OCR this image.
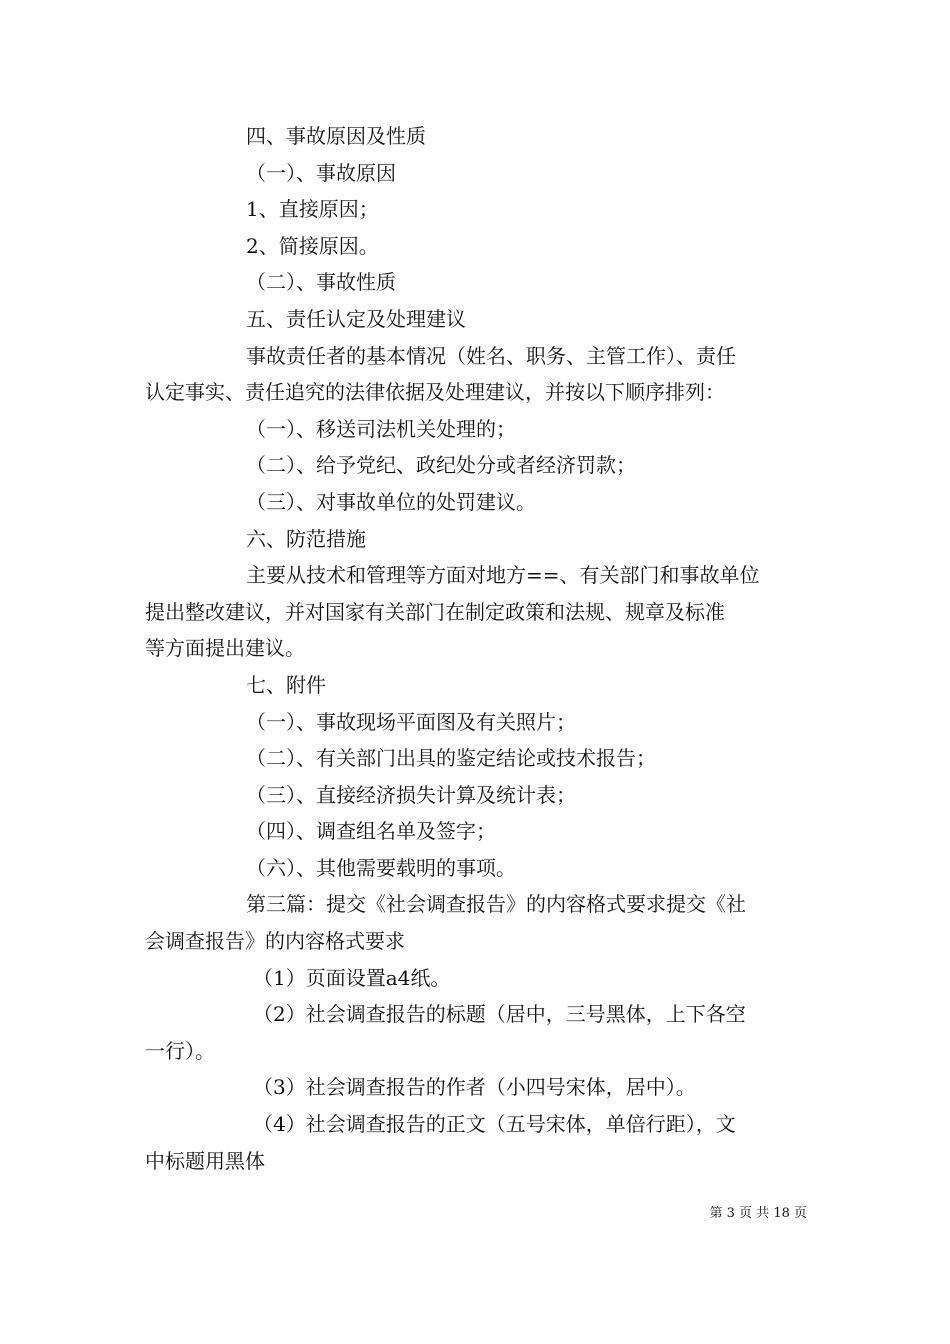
四、事故原因及性质
（一）、事故原因
1、直接原因；
2、简接原因。
（二）、事故性质
五、责任认定及处理建议
事故责任者的基本情况（姓名、职务、主管工作）、责任
认定事实、责任追究的法律依据及处理建议，并按以下顺序排列：
（一）、移送司法机关处理的；
（二）、给予党纪、政纪处分或者经济罚款；
（三）、对事故单位的处罚建议。
六、防范措施
主要从技术和管理等方面对地方==、有关部门和事故单位
提出整改建议，并对国家有关部门在制定政策和法规、规章及标准
等方面提出建议。
七、附件
（一）、事故现场平面图及有关照片；
（二）、有关部门出具的鉴定结论或技术报告；
（三）、直接经济损失计算及统计表；
（四）、调查组名单及签字；
（六）、其他需要载明的事项。
第三篇：提交《社会调查报告》的内容格式要求提交《社
会调查报告》的内容格式要求
（1）页面设置a4纸。
（2）社会调查报告的标题（居中，三号黑体，上下各空
一行）。
（3）社会调查报告的作者（小四号宋体，居中）。
（4）社会调查报告的正文（五号宋体，单倍行距），文
中标题用黑体
第 3 页 共 18 页
